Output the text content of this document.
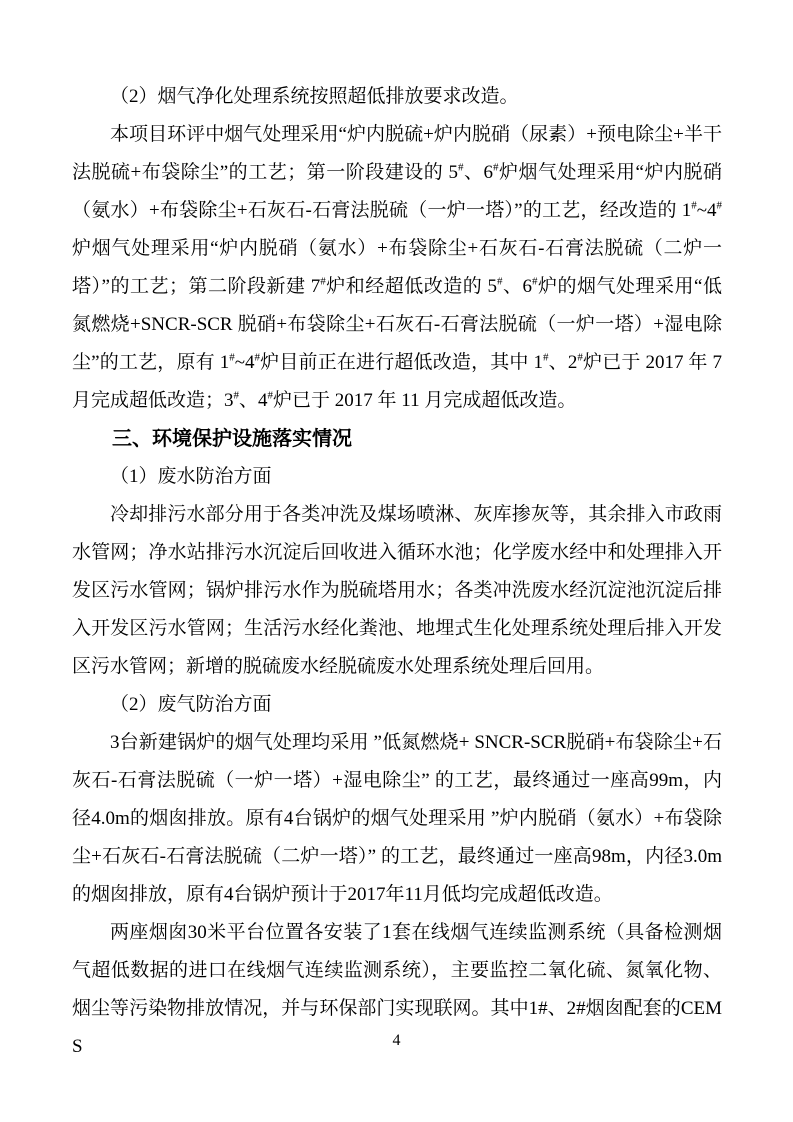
（2）烟气净化处理系统按照超低排放要求改造。

本项目环评中烟气处理采用“炉内脱硫+炉内脱硝（尿素）+预电除尘+半干法脱硫+布袋除尘”的工艺；第一阶段建设的 5#、6#炉烟气处理采用“炉内脱硝（氨水）+布袋除尘+石灰石-石膏法脱硫（一炉一塔）”的工艺，经改造的 1#~4#炉烟气处理采用“炉内脱硝（氨水）+布袋除尘+石灰石-石膏法脱硫（二炉一塔）”的工艺；第二阶段新建 7#炉和经超低改造的 5#、6#炉的烟气处理采用“低氮燃烧+SNCR-SCR 脱硝+布袋除尘+石灰石-石膏法脱硫（一炉一塔）+湿电除尘”的工艺，原有 1#~4#炉目前正在进行超低改造，其中 1#、2#炉已于 2017 年 7 月完成超低改造；3#、4#炉已于 2017 年 11 月完成超低改造。

三、环境保护设施落实情况

（1）废水防治方面

冷却排污水部分用于各类冲洗及煤场喷淋、灰库掺灰等，其余排入市政雨水管网；净水站排污水沉淀后回收进入循环水池；化学废水经中和处理排入开发区污水管网；锅炉排污水作为脱硫塔用水；各类冲洗废水经沉淀池沉淀后排入开发区污水管网；生活污水经化粪池、地埋式生化处理系统处理后排入开发区污水管网；新增的脱硫废水经脱硫废水处理系统处理后回用。

（2）废气防治方面

3台新建锅炉的烟气处理均采用 ”低氮燃烧+ SNCR-SCR脱硝+布袋除尘+石灰石-石膏法脱硫（一炉一塔）+湿电除尘” 的工艺，最终通过一座高99m，内径4.0m的烟囱排放。原有4台锅炉的烟气处理采用 ”炉内脱硝（氨水）+布袋除尘+石灰石-石膏法脱硫（二炉一塔）” 的工艺，最终通过一座高98m，内径3.0m的烟囱排放，原有4台锅炉预计于2017年11月低均完成超低改造。

两座烟囱30米平台位置各安装了1套在线烟气连续监测系统（具备检测烟气超低数据的进口在线烟气连续监测系统），主要监控二氧化硫、氮氧化物、烟尘等污染物排放情况，并与环保部门实现联网。其中1#、2#烟囱配套的CEMS	4
